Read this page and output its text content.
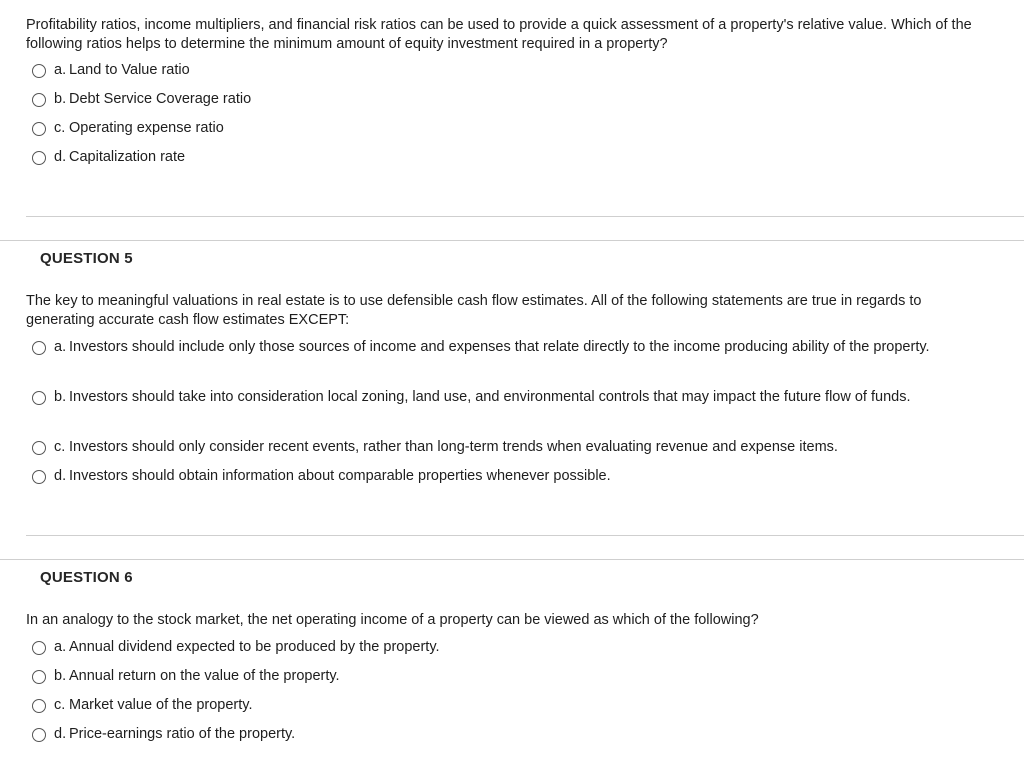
Profitability ratios, income multipliers, and financial risk ratios can be used to provide a quick assessment of a property's relative value. Which of the following ratios helps to determine the minimum amount of equity investment required in a property?
a. Land to Value ratio
b. Debt Service Coverage ratio
c. Operating expense ratio
d. Capitalization rate
QUESTION 5
The key to meaningful valuations in real estate is to use defensible cash flow estimates. All of the following statements are true in regards to generating accurate cash flow estimates EXCEPT:
a. Investors should include only those sources of income and expenses that relate directly to the income producing ability of the property.
b. Investors should take into consideration local zoning, land use, and environmental controls that may impact the future flow of funds.
c. Investors should only consider recent events, rather than long-term trends when evaluating revenue and expense items.
d. Investors should obtain information about comparable properties whenever possible.
QUESTION 6
In an analogy to the stock market, the net operating income of a property can be viewed as which of the following?
a. Annual dividend expected to be produced by the property.
b. Annual return on the value of the property.
c. Market value of the property.
d. Price-earnings ratio of the property.
